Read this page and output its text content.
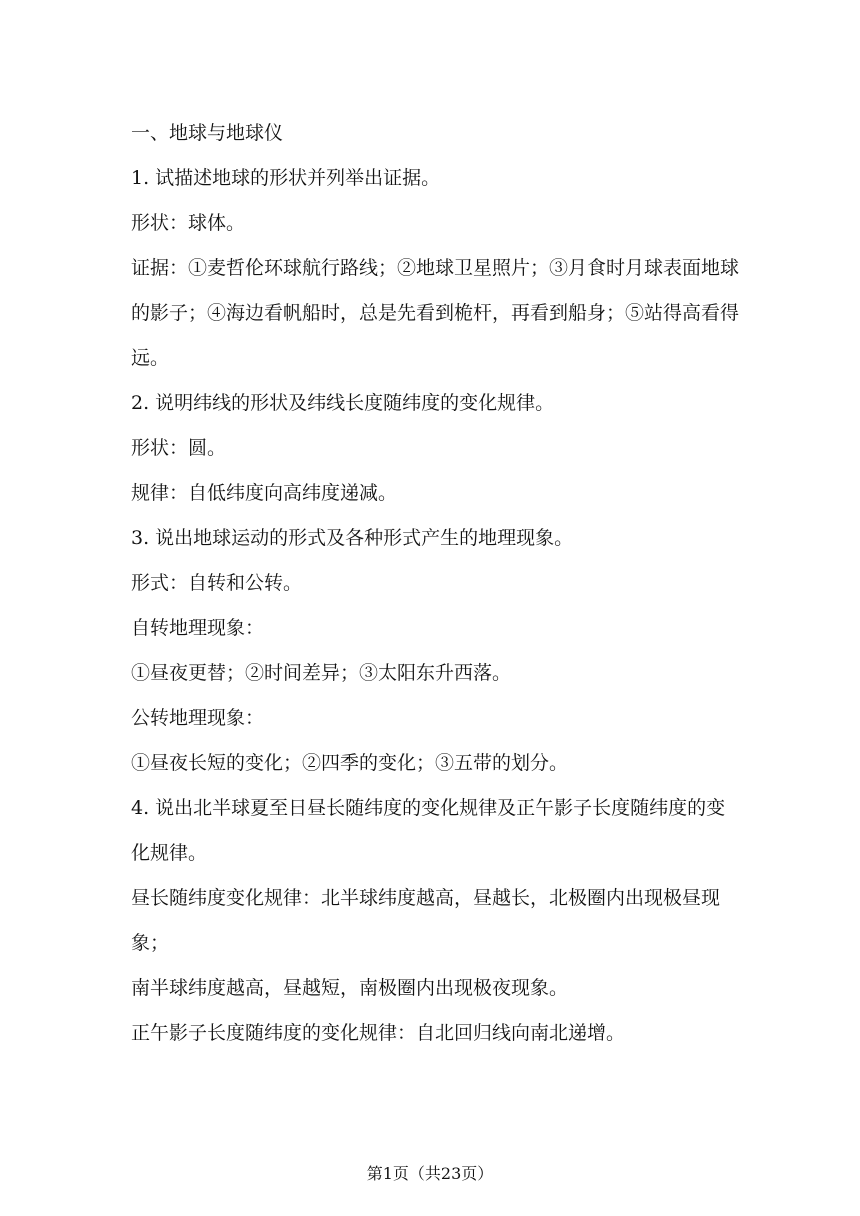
一、地球与地球仪
1. 试描述地球的形状并列举出证据。
形状：球体。
证据：①麦哲伦环球航行路线；②地球卫星照片；③月食时月球表面地球的影子；④海边看帆船时，总是先看到桅杆，再看到船身；⑤站得高看得远。
2. 说明纬线的形状及纬线长度随纬度的变化规律。
形状：圆。
规律：自低纬度向高纬度递减。
3. 说出地球运动的形式及各种形式产生的地理现象。
形式：自转和公转。
自转地理现象：
①昼夜更替；②时间差异；③太阳东升西落。
公转地理现象：
①昼夜长短的变化；②四季的变化；③五带的划分。
4. 说出北半球夏至日昼长随纬度的变化规律及正午影子长度随纬度的变化规律。
昼长随纬度变化规律：北半球纬度越高，昼越长，北极圈内出现极昼现象；
南半球纬度越高，昼越短，南极圈内出现极夜现象。
正午影子长度随纬度的变化规律：自北回归线向南北递增。
第1页（共23页）
